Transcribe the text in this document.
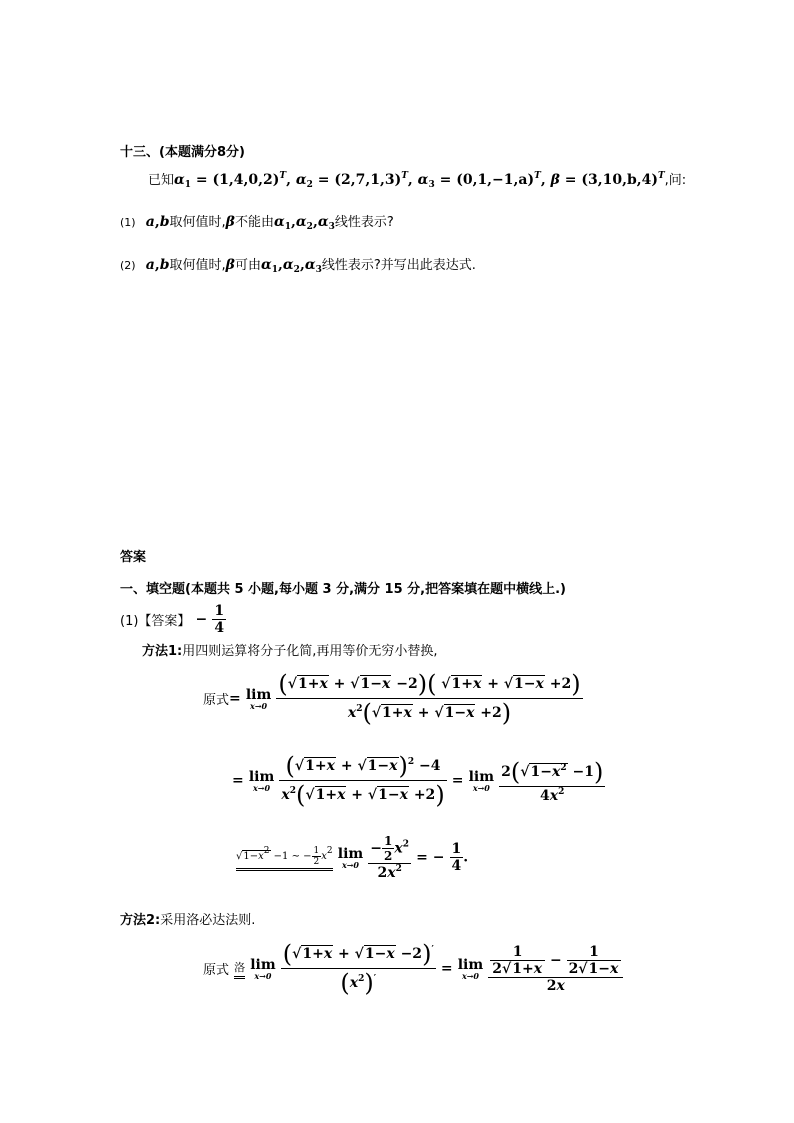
十三、(本题满分8分)
已知$\alpha_1 = (1,4,0,2)^T$, $\alpha_2 = (2,7,1,3)^T$, $\alpha_3 = (0,1,-1,a)^T$, $\beta = (3,10,b,4)^T$,问:
(1) a,b取何值时,β不能由$\alpha_1,\alpha_2,\alpha_3$线性表示?
(2) a,b取何值时,β可由$\alpha_1,\alpha_2,\alpha_3$线性表示?并写出此表达式.
答案
一、填空题(本题共 5 小题,每小题 3 分,满分 15 分,把答案填在题中横线上.)
(1)【答案】 − $\frac{1}{4}$
方法1:用四则运算将分子化简,再用等价无穷小替换,
原式= lim
x→0
$\frac{(√1+x + √1-x -2)( √1+x + √1-x +2)}{x^2(√1+x + √1-x +2)}$
= lim
x→0
$\frac{(√1+x + √1-x)^2 -4}{x^2(√1+x + √1-x +2)} = \lim$
x→0
$\frac{2(√1-x^2 -1)}{4x^2}$
√1−x2 −1 ∼ − $\frac{1}{2} x2$ lim
x→0
$\frac{- \frac{1}{2} x^2}{2x^2}$ = − $\frac{1}{4}$ .
方法2:采用洛必达法则.
原式 洛 lim
x→0
$\frac{(√1+x + √1-x -2)'}{(x^2)'} = \lim$
x→0
$\frac{\frac{1}{2√1+x} - \frac{1}{2√1-x}}{2x}$
